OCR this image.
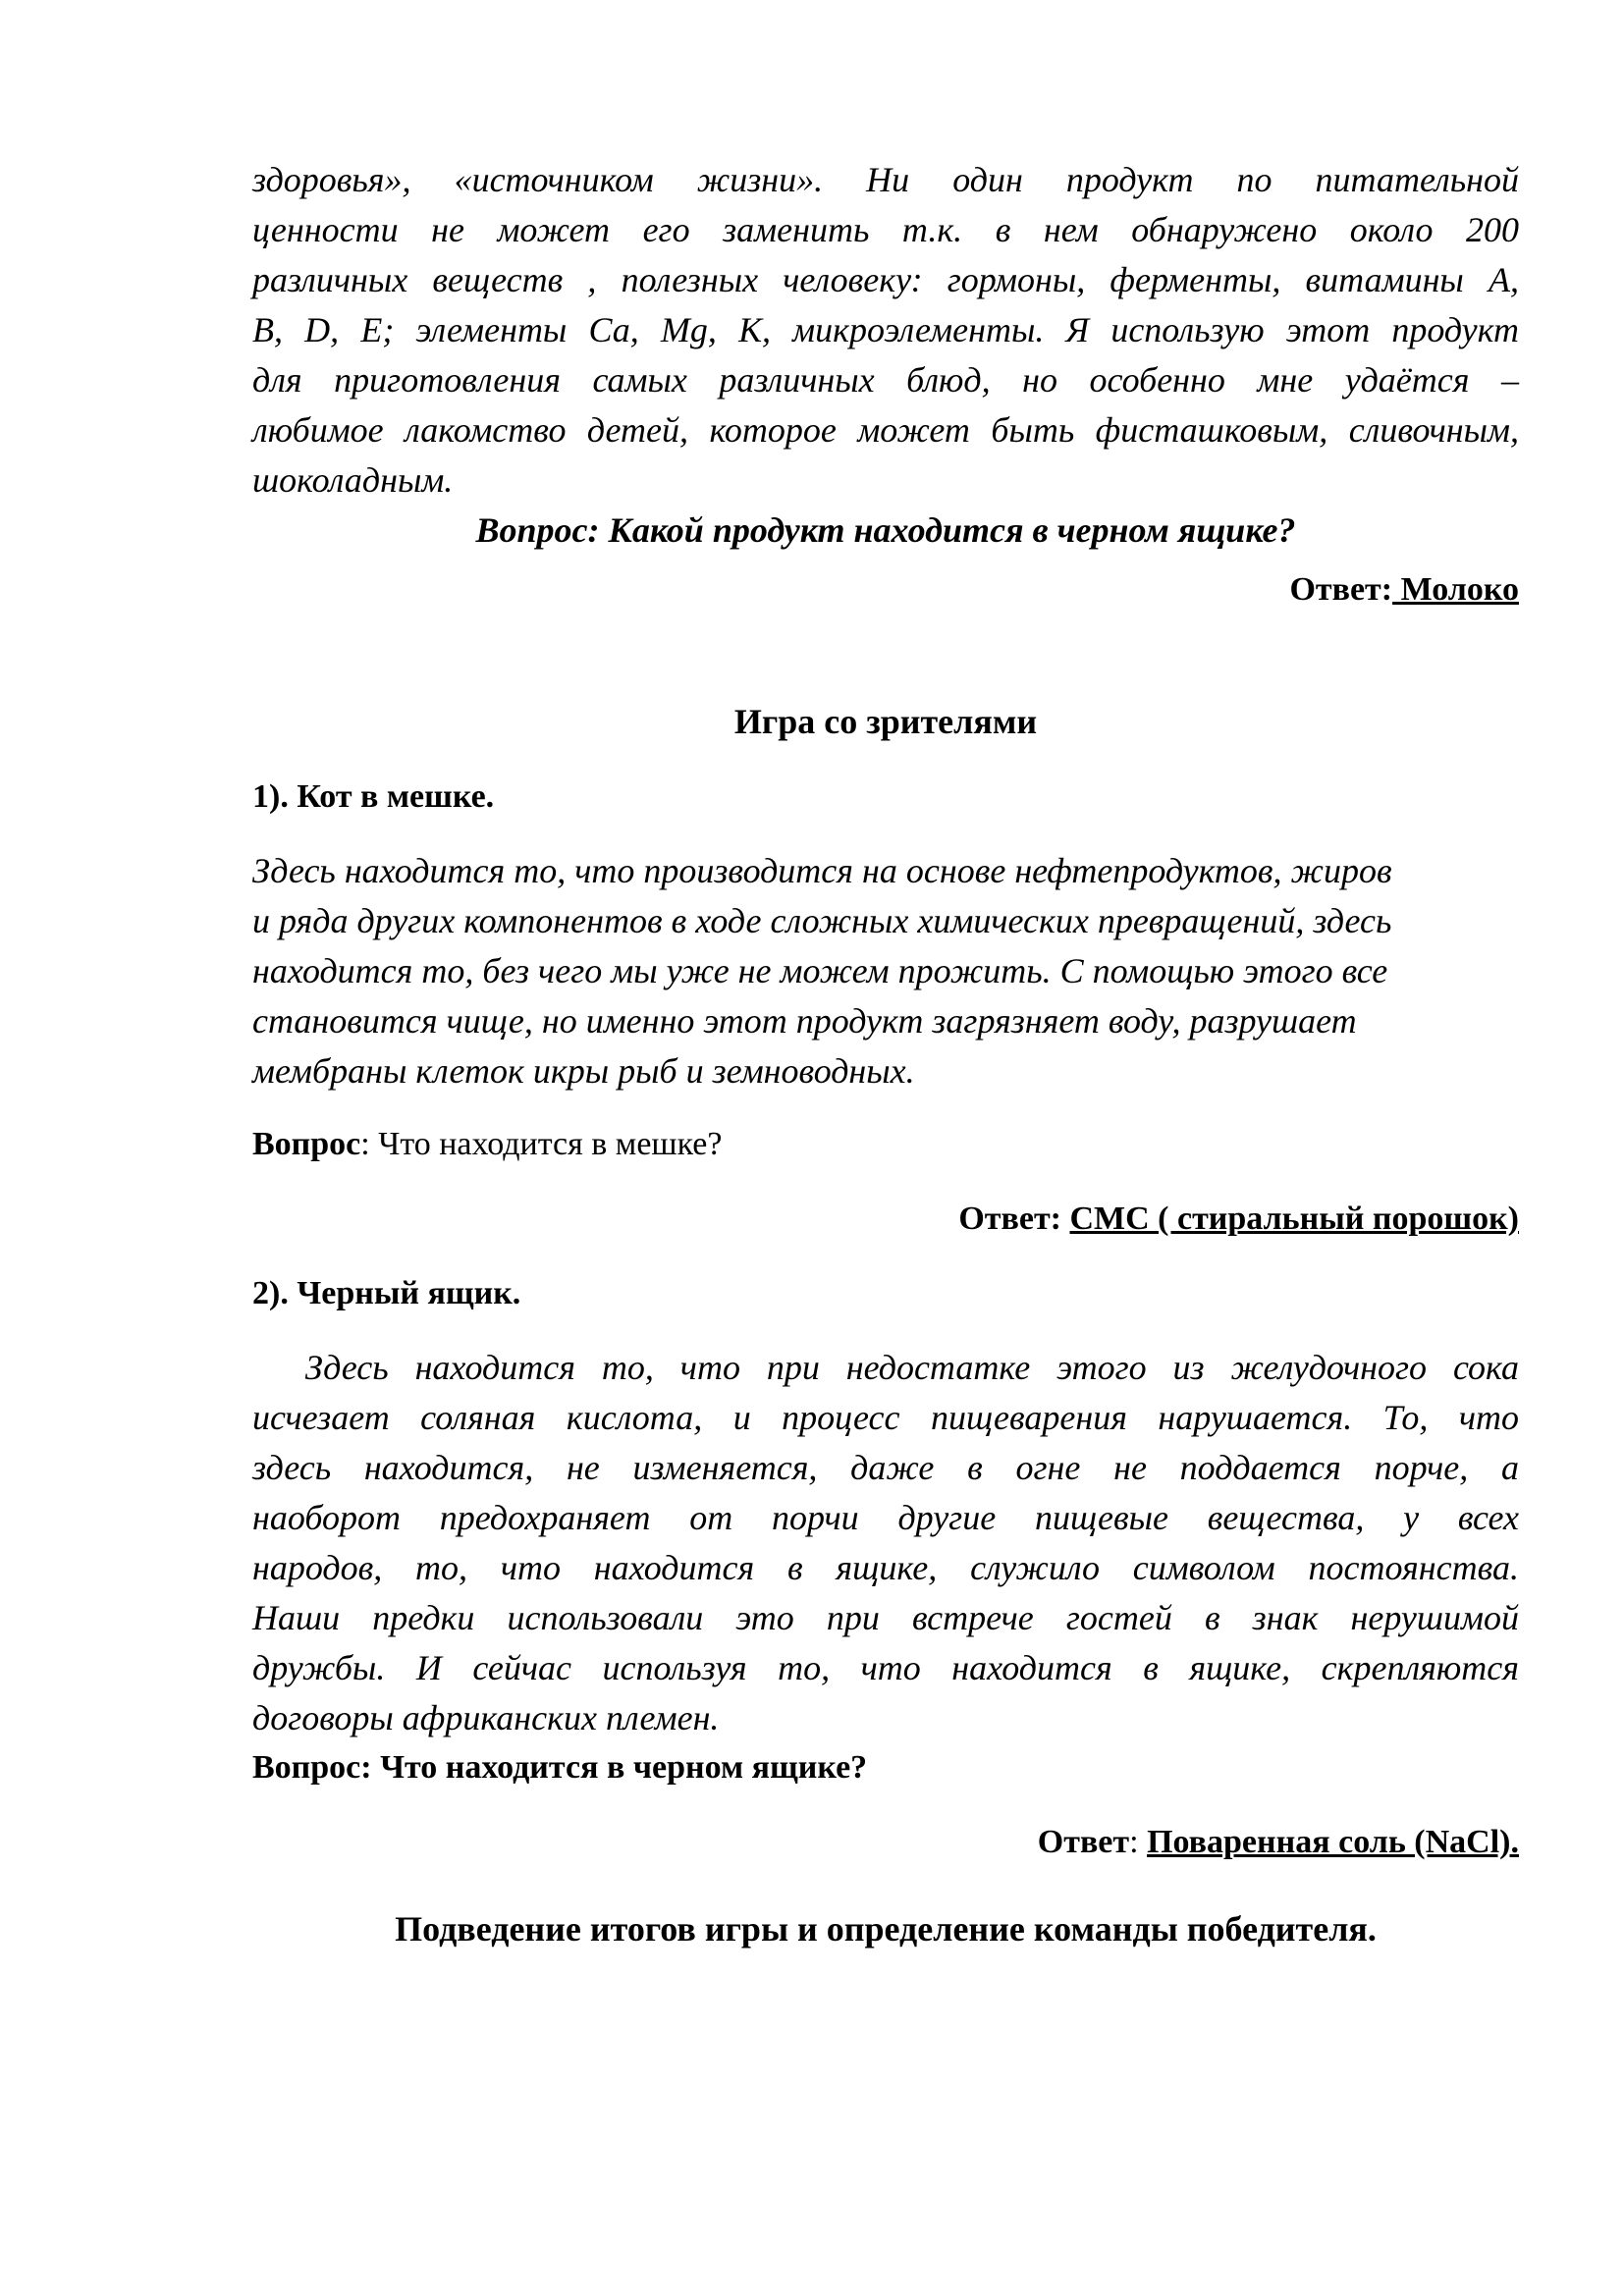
здоровья», «источником жизни». Ни один продукт по питательной

ценности не может его заменить т.к. в нем обнаружено около 200

различных веществ , полезных человеку: гормоны, ферменты, витамины А,

В, D, Е; элементы Са, Mg, К, микроэлементы. Я использую этот продукт

для приготовления самых различных блюд, но особенно мне удаётся –

любимое лакомство детей, которое может быть фисташковым, сливочным,

шоколадным.

Вопрос: Какой продукт находится в черном ящике?

Ответ: Молоко

Игра со зрителями

1). Кот в мешке.

Здесь находится то, что производится на основе нефтепродуктов, жиров

и ряда других компонентов в ходе сложных химических превращений, здесь

находится то, без чего мы уже не можем прожить. С помощью этого все

становится чище, но именно этот продукт загрязняет воду, разрушает

мембраны клеток икры рыб и земноводных.

Вопрос: Что находится в мешке?

Ответ: СМС ( стиральный порошок)

2). Черный ящик.

Здесь находится то, что при недостатке этого из желудочного сока

исчезает соляная кислота, и процесс пищеварения нарушается. То, что

здесь находится, не изменяется, даже в огне не поддается порче, а

наоборот предохраняет от порчи другие пищевые вещества, у всех

народов, то, что находится в ящике, служило символом постоянства.

Наши предки использовали это при встрече гостей в знак нерушимой

дружбы. И сейчас используя то, что находится в ящике, скрепляются

договоры африканских племен.

Вопрос: Что находится в черном ящике?

Ответ: Поваренная соль (NaCl).

Подведение итогов игры и определение команды победителя.
